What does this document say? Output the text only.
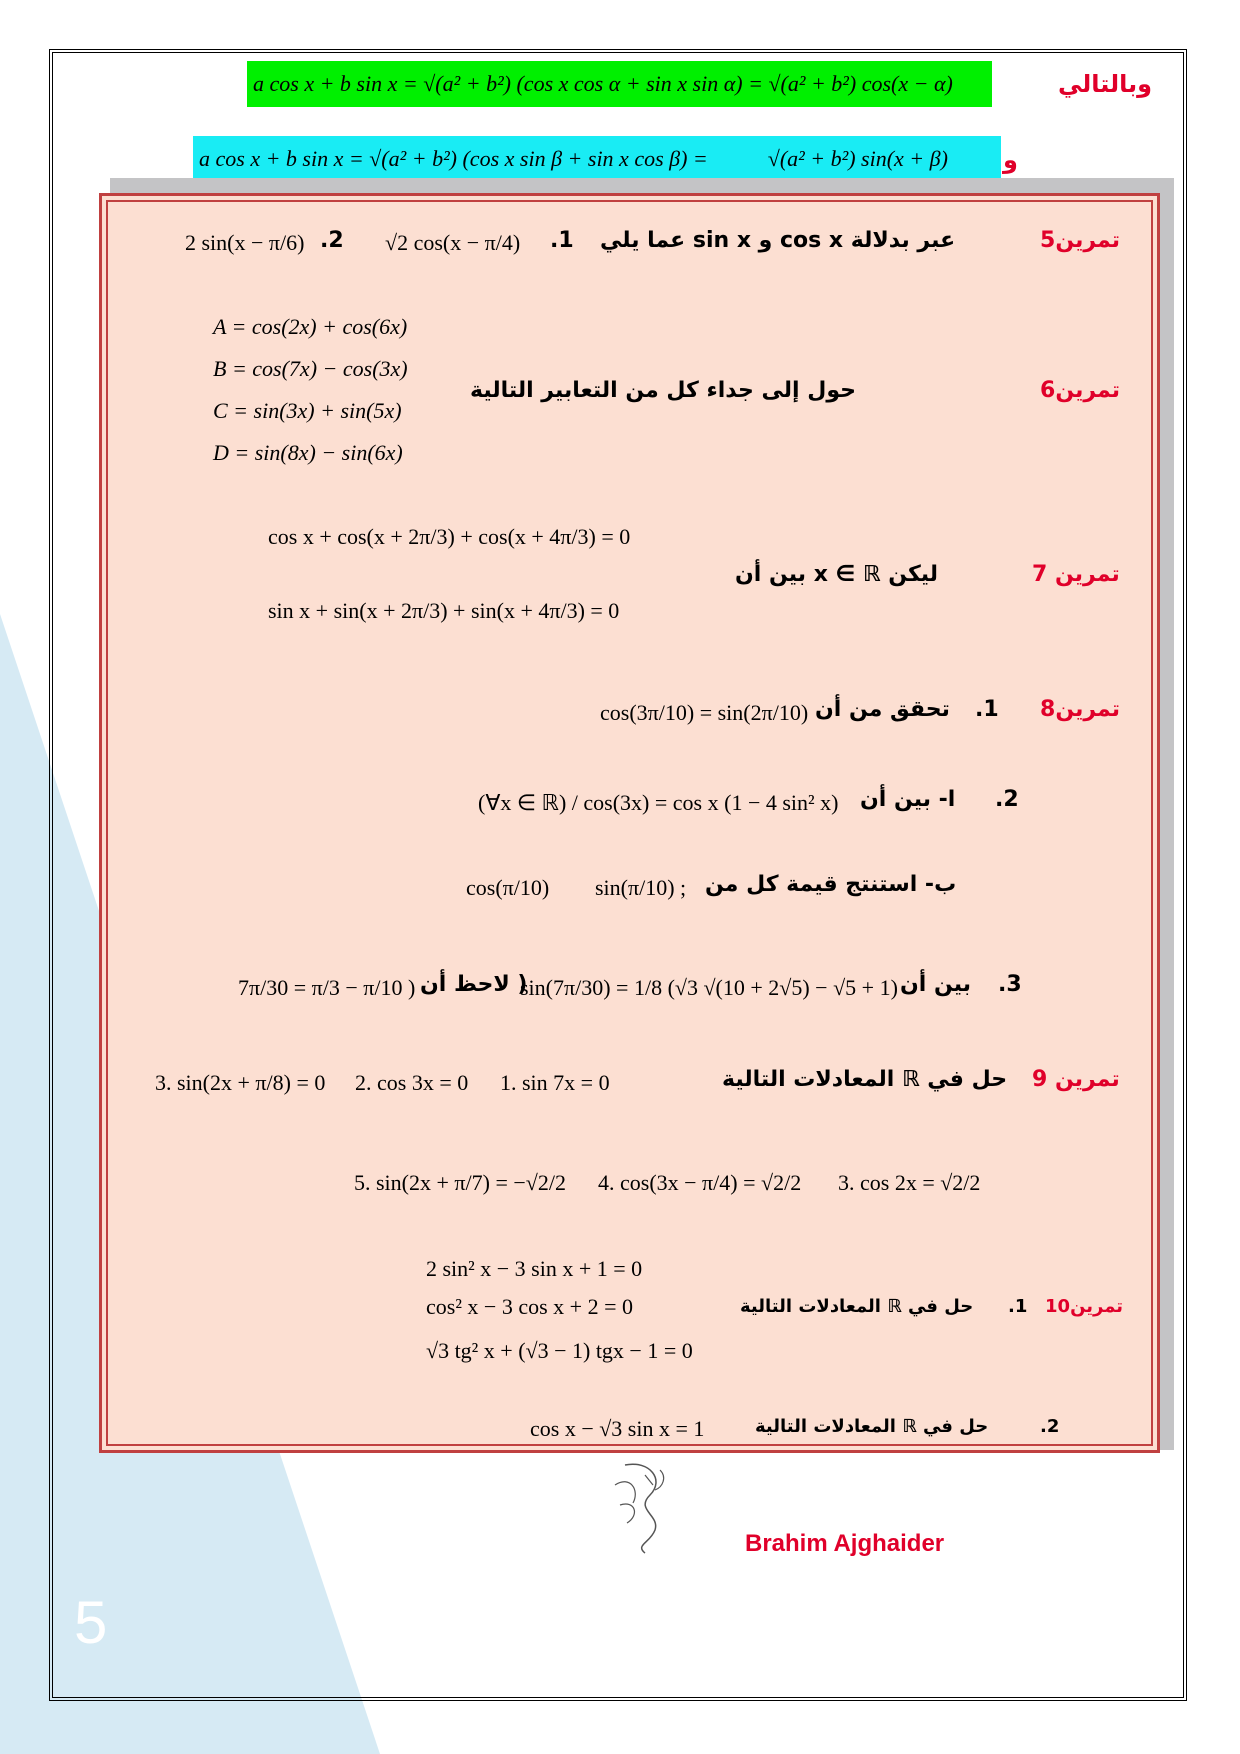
5
وبالتالي
a cos x + b sin x = √(a² + b²) (cos x cos α + sin x sin α) = √(a² + b²) cos(x − α)
و
a cos x + b sin x = √(a² + b²) (cos x sin β + sin x cos β) =	√(a² + b²) sin(x + β)
تمرين5
عبر بدلالة cos x و sin x عما يلي
1.
√2 cos(x − π/4)
2.
2 sin(x − π/6)
تمرين6
حول إلى جداء كل من التعابير التالية
A = cos(2x) + cos(6x)
B = cos(7x) − cos(3x)
C = sin(3x) + sin(5x)
D = sin(8x) − sin(6x)
تمرين 7
ليكن x ∈ ℝ بين أن
cos x + cos(x + 2π/3) + cos(x + 4π/3) = 0
sin x + sin(x + 2π/3) + sin(x + 4π/3) = 0
تمرين8
1.
تحقق من أن
cos(3π/10) = sin(2π/10)
2.
ا- بين أن
(∀x ∈ ℝ) / cos(3x) = cos x (1 − 4 sin² x)
ب- استنتج قيمة كل من
sin(π/10) ;
cos(π/10)
3.
بين أن
sin(7π/30) = 1/8 (√3 √(10 + 2√5) − √5 + 1)
( لاحظ أن
7π/30 = π/3 − π/10 )
تمرين 9
حل في ℝ المعادلات التالية
1. sin 7x = 0
2. cos 3x = 0
3. sin(2x + π/8) = 0
3. cos 2x = √2/2
4. cos(3x − π/4) = √2/2
5. sin(2x + π/7) = −√2/2
تمرين10
1.
حل في ℝ المعادلات التالية
2 sin² x − 3 sin x + 1 = 0
cos² x − 3 cos x + 2 = 0
√3 tg² x + (√3 − 1) tgx − 1 = 0
2.
حل في ℝ المعادلات التالية
cos x − √3 sin x = 1
Brahim Ajghaider
